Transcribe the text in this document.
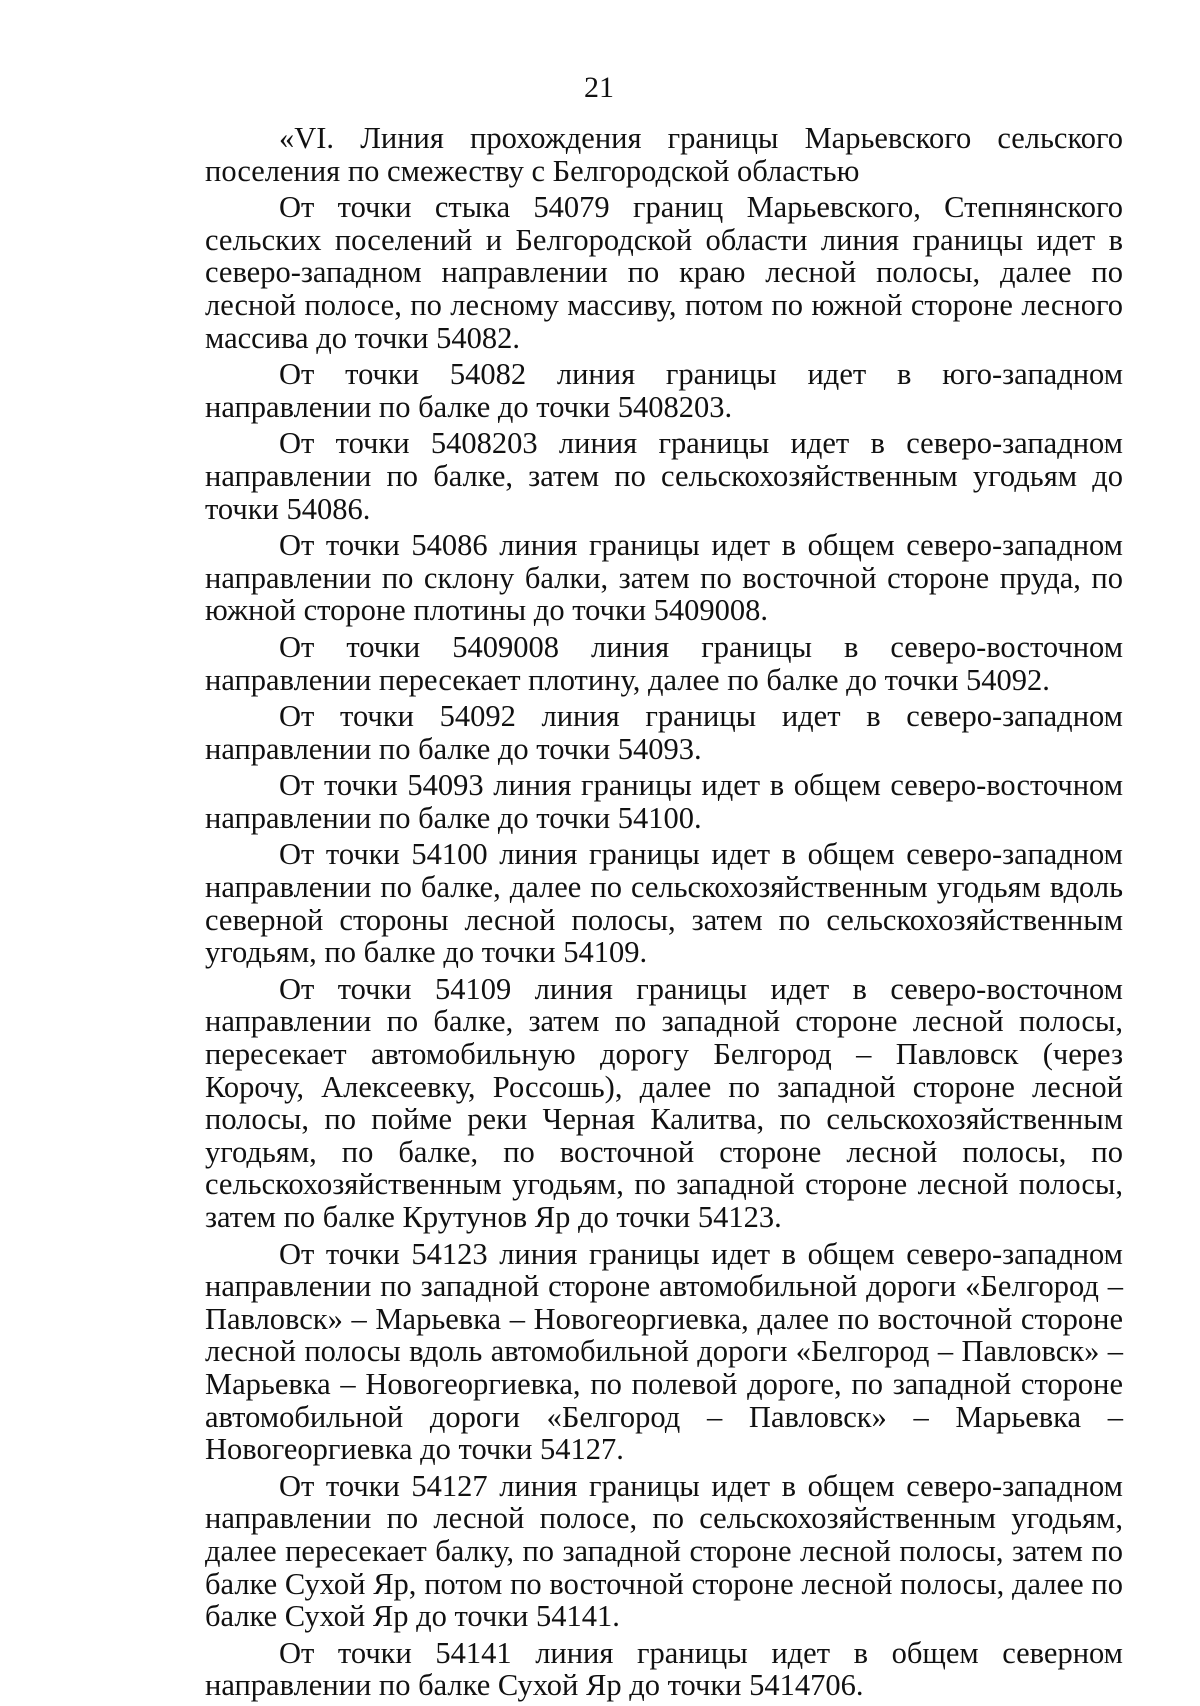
21

«VI. Линия прохождения границы Марьевского сельского поселения по смежеству с Белгородской областью

От точки стыка 54079 границ Марьевского, Степнянского сельских поселений и Белгородской области линия границы идет в северо-западном направлении по краю лесной полосы, далее по лесной полосе, по лесному массиву, потом по южной стороне лесного массива до точки 54082.

От точки 54082 линия границы идет в юго-западном направлении по балке до точки 5408203.

От точки 5408203 линия границы идет в северо-западном направлении по балке, затем по сельскохозяйственным угодьям до точки 54086.

От точки 54086 линия границы идет в общем северо-западном направлении по склону балки, затем по восточной стороне пруда, по южной стороне плотины до точки 5409008.

От точки 5409008 линия границы в северо-восточном направлении пересекает плотину, далее по балке до точки 54092.

От точки 54092 линия границы идет в северо-западном направлении по балке до точки 54093.

От точки 54093 линия границы идет в общем северо-восточном направлении по балке до точки 54100.

От точки 54100 линия границы идет в общем северо-западном направлении по балке, далее по сельскохозяйственным угодьям вдоль северной стороны лесной полосы, затем по сельскохозяйственным угодьям, по балке до точки 54109.

От точки 54109 линия границы идет в северо-восточном направлении по балке, затем по западной стороне лесной полосы, пересекает автомобильную дорогу Белгород – Павловск (через Корочу, Алексеевку, Россошь), далее по западной стороне лесной полосы, по пойме реки Черная Калитва, по сельскохозяйственным угодьям, по балке, по восточной стороне лесной полосы, по сельскохозяйственным угодьям, по западной стороне лесной полосы, затем по балке Крутунов Яр до точки 54123.

От точки 54123 линия границы идет в общем северо-западном направлении по западной стороне автомобильной дороги «Белгород – Павловск» – Марьевка – Новогеоргиевка, далее по восточной стороне лесной полосы вдоль автомобильной дороги «Белгород – Павловск» – Марьевка – Новогеоргиевка, по полевой дороге, по западной стороне автомобильной дороги «Белгород – Павловск» – Марьевка – Новогеоргиевка до точки 54127.

От точки 54127 линия границы идет в общем северо-западном направлении по лесной полосе, по сельскохозяйственным угодьям, далее пересекает балку, по западной стороне лесной полосы, затем по балке Сухой Яр, потом по восточной стороне лесной полосы, далее по балке Сухой Яр до точки 54141.

От точки 54141 линия границы идет в общем северном направлении по балке Сухой Яр до точки 5414706.
